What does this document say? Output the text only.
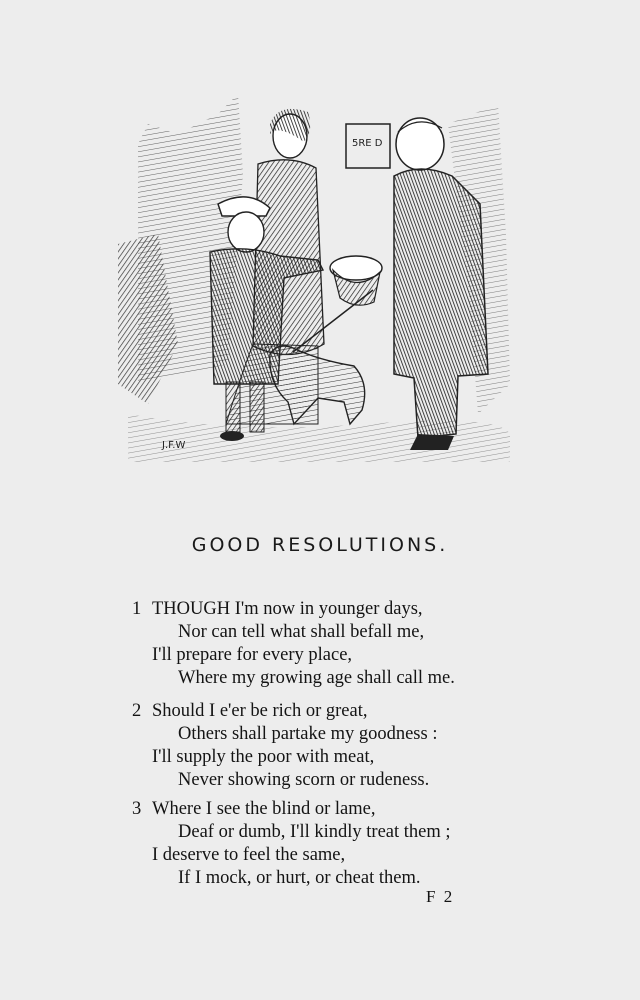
5RE D
J.F.W
GOOD RESOLUTIONS.
1 THOUGH I'm now in younger days,
Nor can tell what shall befall me,
I'll prepare for every place,
Where my growing age shall call me.
2 Should I e'er be rich or great,
Others shall partake my goodness :
I'll supply the poor with meat,
Never showing scorn or rudeness.
3 Where I see the blind or lame,
Deaf or dumb, I'll kindly treat them ;
I deserve to feel the same,
If I mock, or hurt, or cheat them.
F 2
